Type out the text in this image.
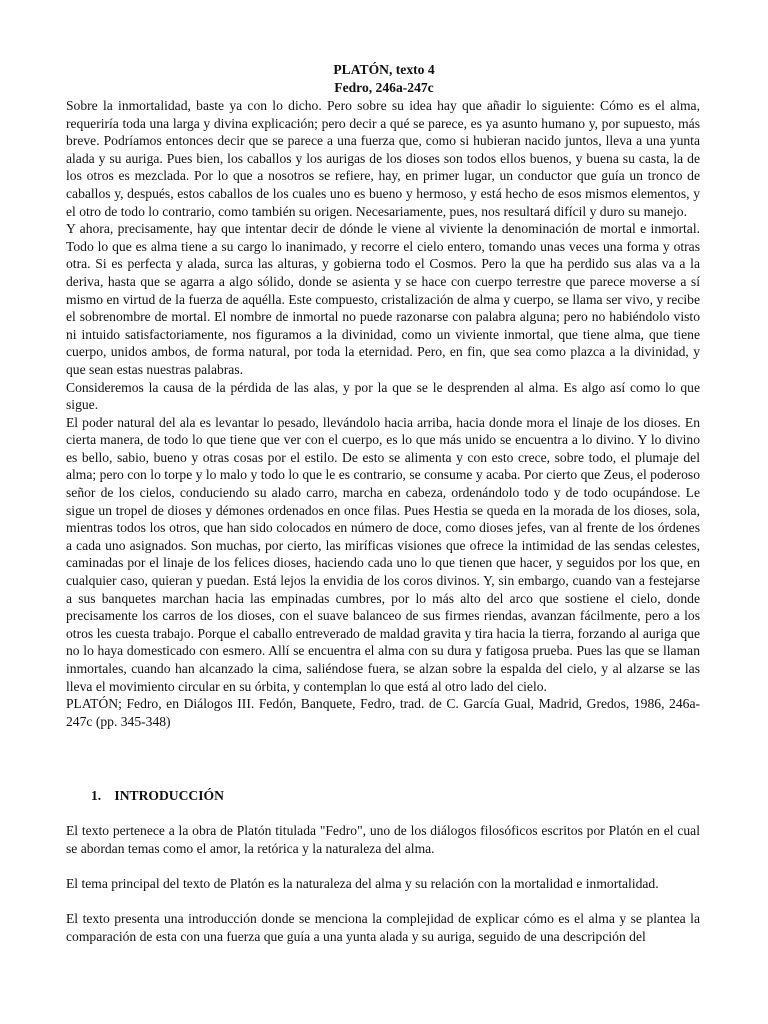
PLATÓN, texto 4
Fedro, 246a-247c

Sobre la inmortalidad, baste ya con lo dicho. Pero sobre su idea hay que añadir lo siguiente: Cómo es el alma, requeriría toda una larga y divina explicación; pero decir a qué se parece, es ya asunto humano y, por supuesto, más breve. Podríamos entonces decir que se parece a una fuerza que, como si hubieran nacido juntos, lleva a una yunta alada y su auriga. Pues bien, los caballos y los aurigas de los dioses son todos ellos buenos, y buena su casta, la de los otros es mezclada. Por lo que a nosotros se refiere, hay, en primer lugar, un conductor que guía un tronco de caballos y, después, estos caballos de los cuales uno es bueno y hermoso, y está hecho de esos mismos elementos, y el otro de todo lo contrario, como también su origen. Necesariamente, pues, nos resultará difícil y duro su manejo.

Y ahora, precisamente, hay que intentar decir de dónde le viene al viviente la denominación de mortal e inmortal. Todo lo que es alma tiene a su cargo lo inanimado, y recorre el cielo entero, tomando unas veces una forma y otras otra. Si es perfecta y alada, surca las alturas, y gobierna todo el Cosmos. Pero la que ha perdido sus alas va a la deriva, hasta que se agarra a algo sólido, donde se asienta y se hace con cuerpo terrestre que parece moverse a sí mismo en virtud de la fuerza de aquélla. Este compuesto, cristalización de alma y cuerpo, se llama ser vivo, y recibe el sobrenombre de mortal. El nombre de inmortal no puede razonarse con palabra alguna; pero no habiéndolo visto ni intuido satisfactoriamente, nos figuramos a la divinidad, como un viviente inmortal, que tiene alma, que tiene cuerpo, unidos ambos, de forma natural, por toda la eternidad. Pero, en fin, que sea como plazca a la divinidad, y que sean estas nuestras palabras.

Consideremos la causa de la pérdida de las alas, y por la que se le desprenden al alma. Es algo así como lo que sigue.

El poder natural del ala es levantar lo pesado, llevándolo hacia arriba, hacia donde mora el linaje de los dioses. En cierta manera, de todo lo que tiene que ver con el cuerpo, es lo que más unido se encuentra a lo divino. Y lo divino es bello, sabio, bueno y otras cosas por el estilo. De esto se alimenta y con esto crece, sobre todo, el plumaje del alma; pero con lo torpe y lo malo y todo lo que le es contrario, se consume y acaba. Por cierto que Zeus, el poderoso señor de los cielos, conduciendo su alado carro, marcha en cabeza, ordenándolo todo y de todo ocupándose. Le sigue un tropel de dioses y démones ordenados en once filas. Pues Hestia se queda en la morada de los dioses, sola, mientras todos los otros, que han sido colocados en número de doce, como dioses jefes, van al frente de los órdenes a cada uno asignados. Son muchas, por cierto, las miríficas visiones que ofrece la intimidad de las sendas celestes, caminadas por el linaje de los felices dioses, haciendo cada uno lo que tienen que hacer, y seguidos por los que, en cualquier caso, quieran y puedan. Está lejos la envidia de los coros divinos. Y, sin embargo, cuando van a festejarse a sus banquetes marchan hacia las empinadas cumbres, por lo más alto del arco que sostiene el cielo, donde precisamente los carros de los dioses, con el suave balanceo de sus firmes riendas, avanzan fácilmente, pero a los otros les cuesta trabajo. Porque el caballo entreverado de maldad gravita y tira hacia la tierra, forzando al auriga que no lo haya domesticado con esmero. Allí se encuentra el alma con su dura y fatigosa prueba. Pues las que se llaman inmortales, cuando han alcanzado la cima, saliéndose fuera, se alzan sobre la espalda del cielo, y al alzarse se las lleva el movimiento circular en su órbita, y contemplan lo que está al otro lado del cielo.

PLATÓN; Fedro, en Diálogos III. Fedón, Banquete, Fedro, trad. de C. García Gual, Madrid, Gredos, 1986, 246a-247c (pp. 345-348)

1. INTRODUCCIÓN

El texto pertenece a la obra de Platón titulada "Fedro", uno de los diálogos filosóficos escritos por Platón en el cual se abordan temas como el amor, la retórica y la naturaleza del alma.

El tema principal del texto de Platón es la naturaleza del alma y su relación con la mortalidad e inmortalidad.

El texto presenta una introducción donde se menciona la complejidad de explicar cómo es el alma y se plantea la comparación de esta con una fuerza que guía a una yunta alada y su auriga, seguido de una descripción del
